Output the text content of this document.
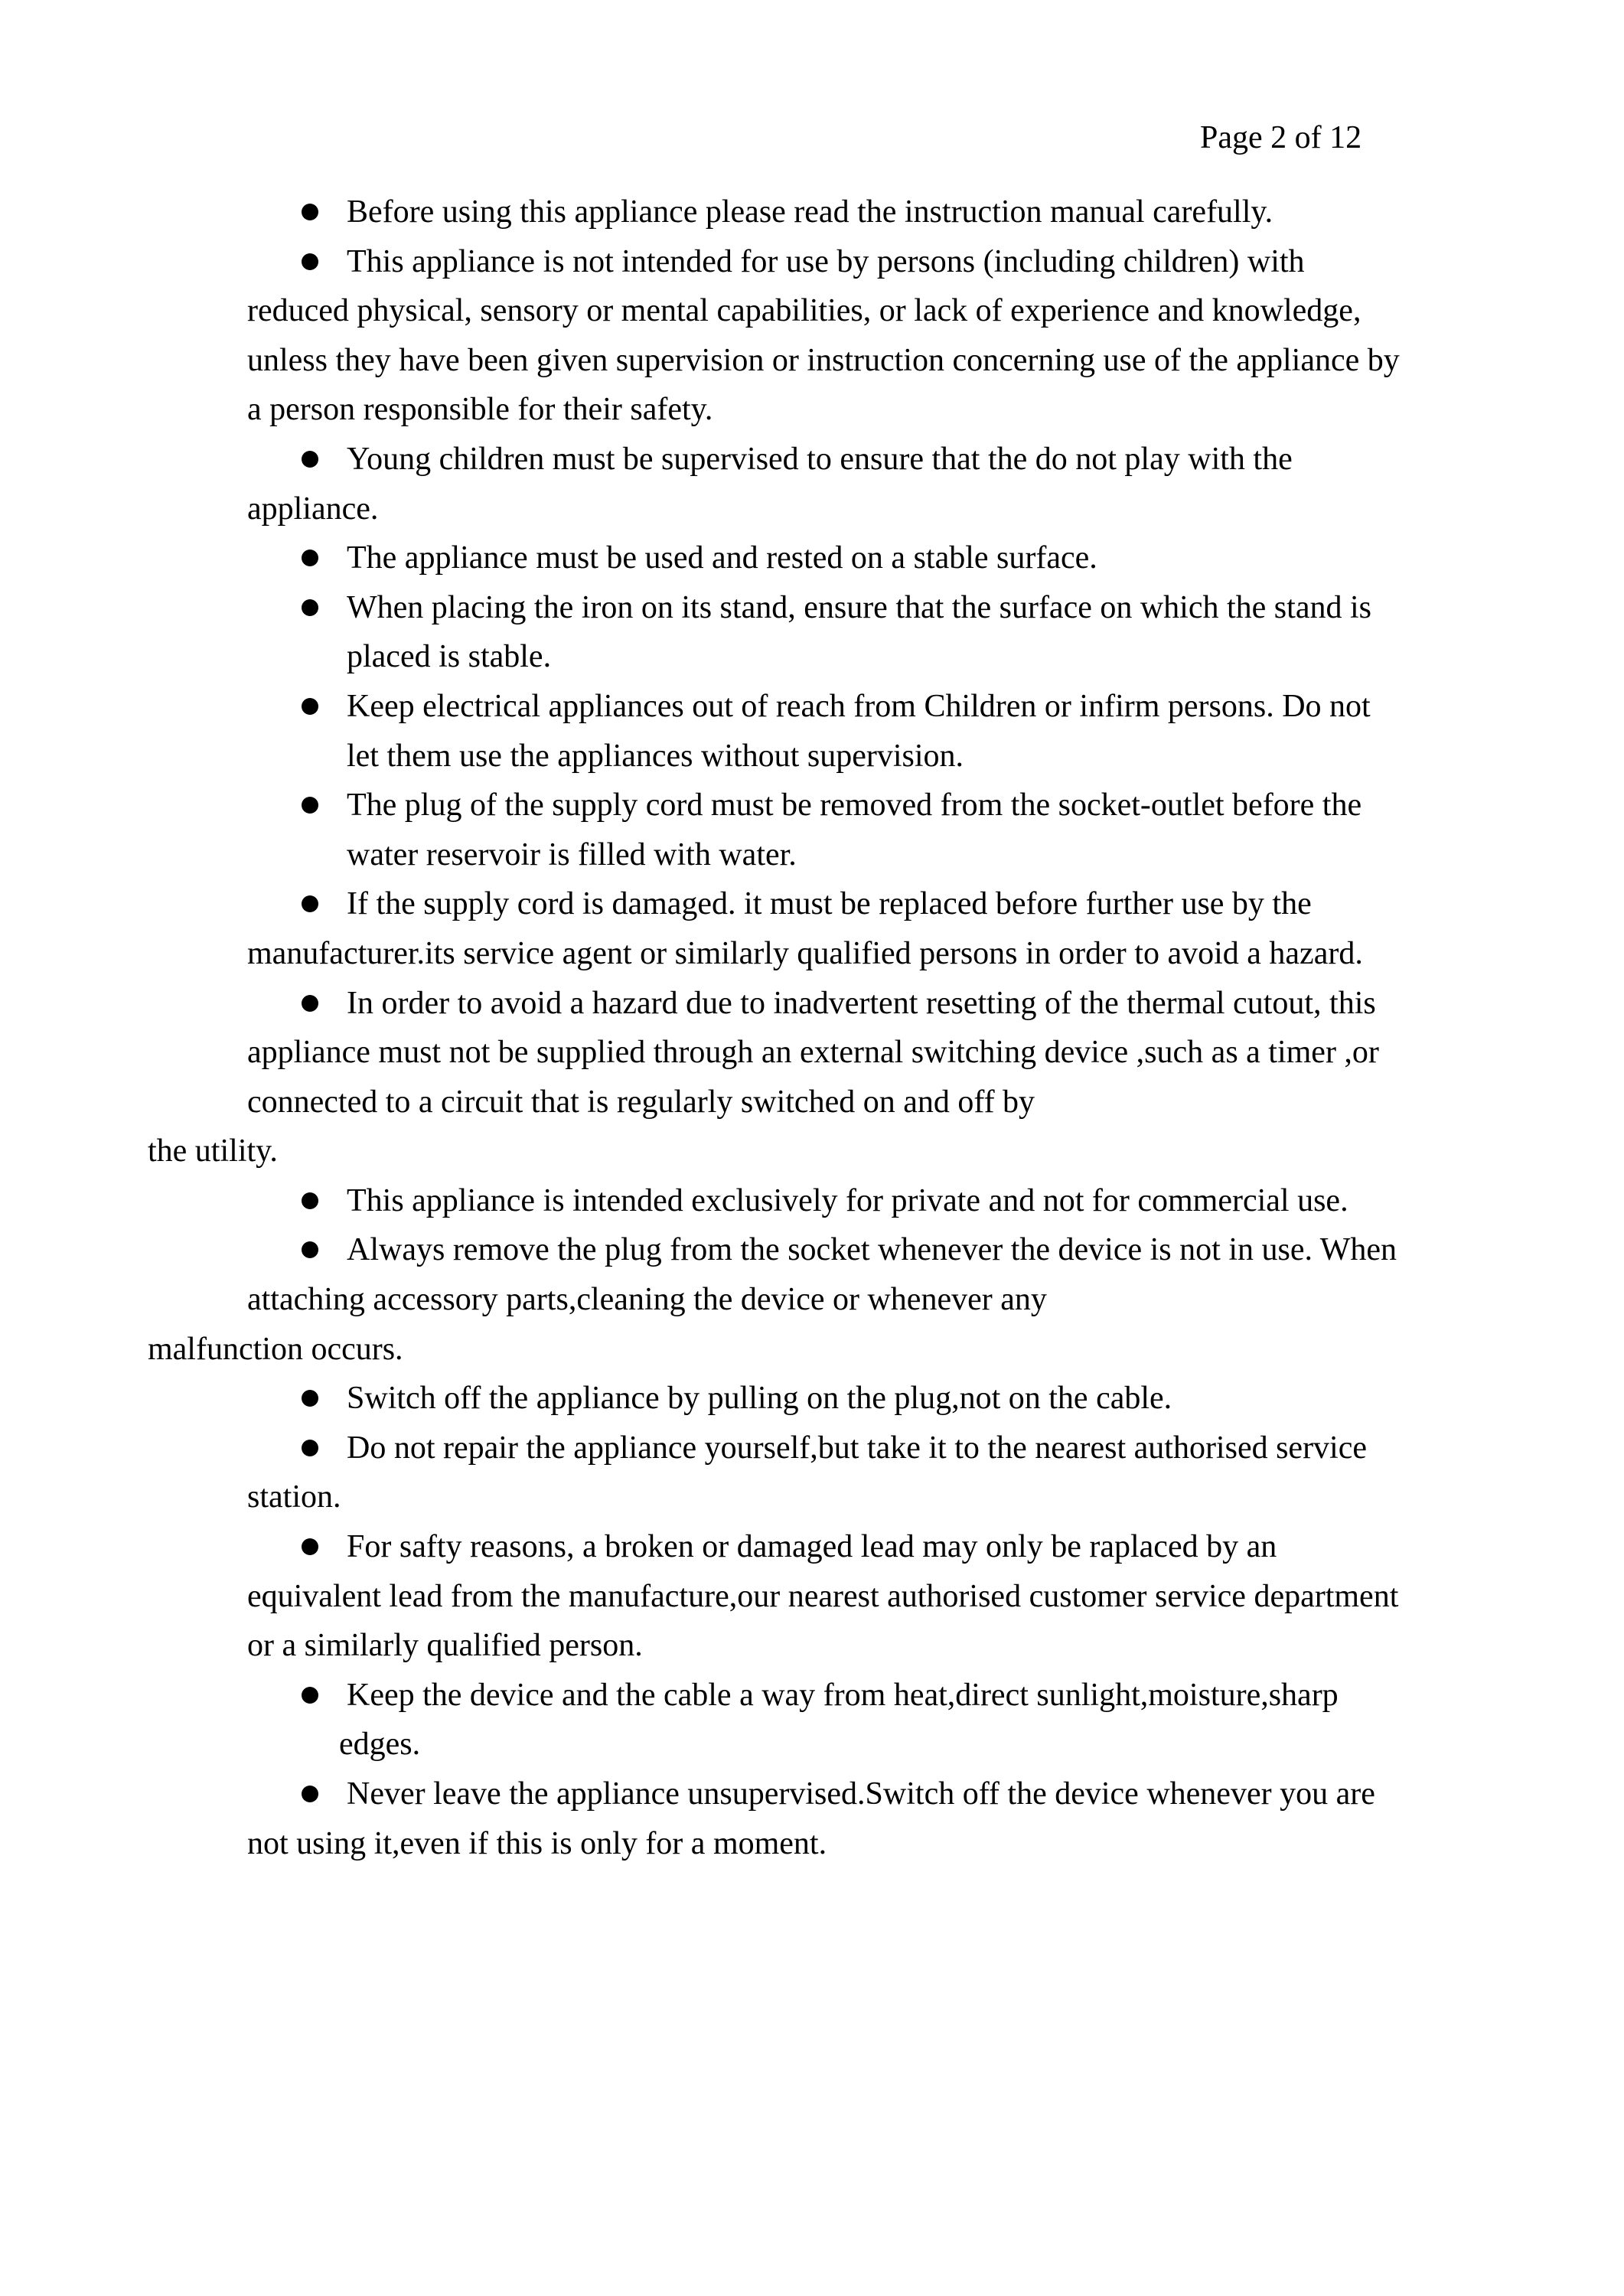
Page 2 of 12

Before using this appliance please read the instruction manual carefully.

This appliance is not intended for use by persons (including children) with reduced physical, sensory or mental capabilities, or lack of experience and knowledge, unless they have been given supervision or instruction concerning use of the appliance by a person responsible for their safety.

Young children must be supervised to ensure that the do not play with the appliance.

The appliance must be used and rested on a stable surface.

When placing the iron on its stand, ensure that the surface on which the stand is placed is stable.

Keep electrical appliances out of reach from Children or infirm persons. Do not let them use the appliances without supervision.

The plug of the supply cord must be removed from the socket-outlet before the water reservoir is filled with water.

If the supply cord is damaged. it must be replaced before further use by the manufacturer.its service agent or similarly qualified persons in order to avoid a hazard.

In order to avoid a hazard due to inadvertent resetting of the thermal cutout, this appliance must not be supplied through an external switching device ,such as a timer ,or connected to a circuit that is regularly switched on and off by
the utility.

This appliance is intended exclusively for private and not for commercial use.

Always remove the plug from the socket whenever the device is not in use. When attaching accessory parts,cleaning the device or whenever any
malfunction occurs.

Switch off the appliance by pulling on the plug,not on the cable.

Do not repair the appliance yourself,but take it to the nearest authorised service station.

For safty reasons, a broken or damaged lead may only be raplaced by an equivalent lead from the manufacture,our nearest authorised customer service department or a similarly qualified person.

Keep the device and the cable a way from heat,direct sunlight,moisture,sharp
edges.

Never leave the appliance unsupervised.Switch off the device whenever you are not using it,even if this is only for a moment.
